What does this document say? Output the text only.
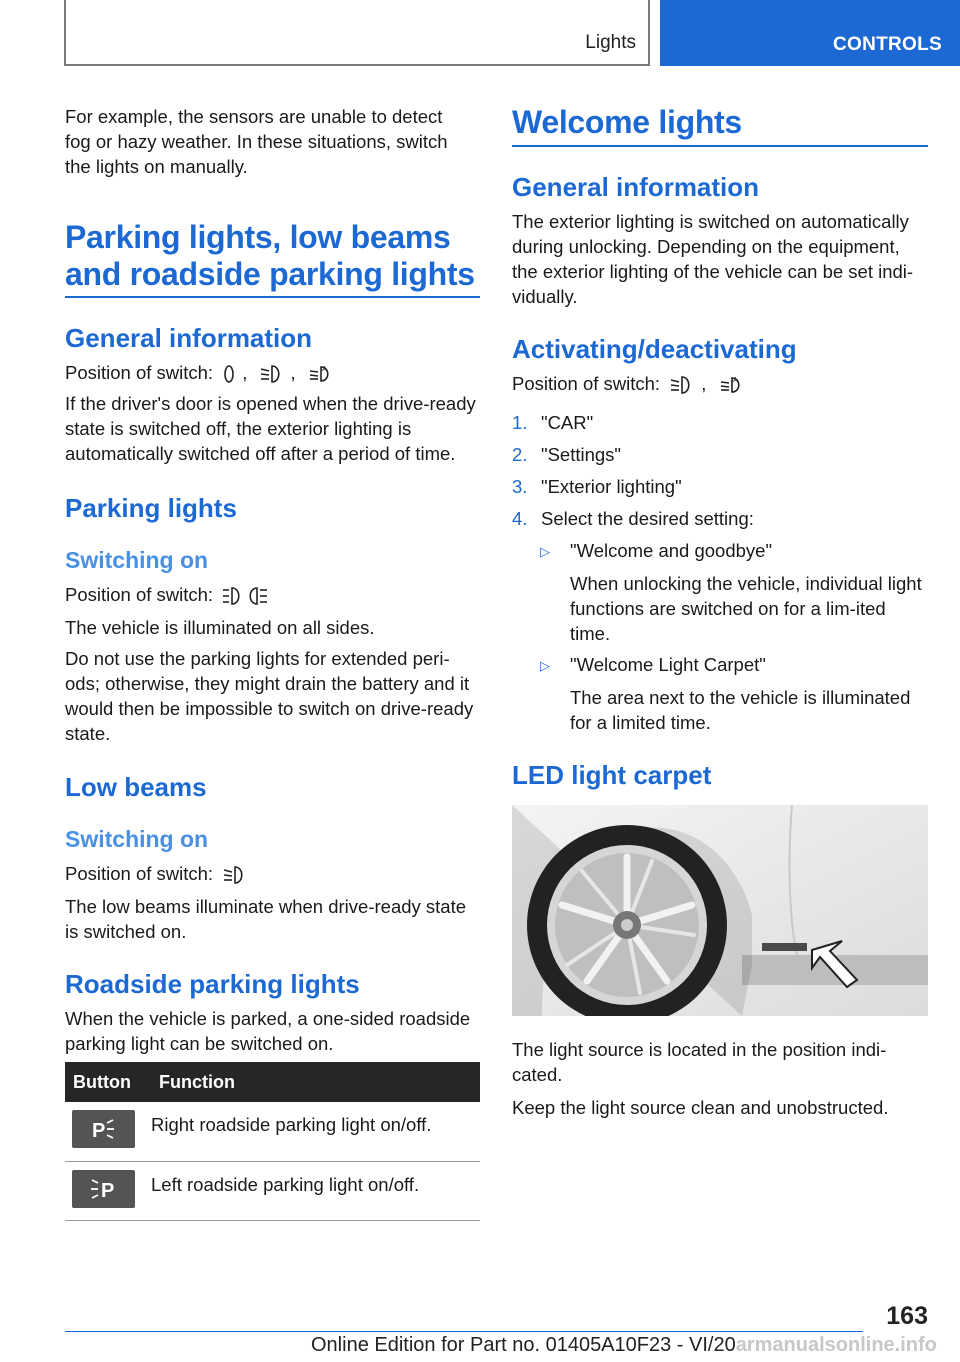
Lights	CONTROLS

For example, the sensors are unable to detect fog or hazy weather. In these situations, switch the lights on manually.

Parking lights, low beams
and roadside parking lights
General information
Position of switch: , ,	A

If the driver's door is opened when the drive-ready state is switched off, the exterior lighting is automatically switched off after a period of time.

Parking lights
Switching on
Position of switch:

The vehicle is illuminated on all sides.

Do not use the parking lights for extended peri-ods; otherwise, they might drain the battery and it would then be impossible to switch on drive-ready state.

Low beams
Switching on
Position of switch:

The low beams illuminate when drive-ready state is switched on.

Roadside parking lights

When the vehicle is parked, a one-sided roadside parking light can be switched on.

Button	Function

P	Right roadside parking light on/off.

P	Left roadside parking light on/off.
Welcome lights
General information

The exterior lighting is switched on automatically during unlocking. Depending on the equipment, the exterior lighting of the vehicle can be set indi-vidually.

Activating/deactivating
Position of switch: ,	A
1. "CAR"
2. "Settings"
3. "Exterior lighting"
4. Select the desired setting:
▷ "Welcome and goodbye"

When unlocking the vehicle, individual light functions are switched on for a lim-ited time.

▷ "Welcome Light Carpet"

The area next to the vehicle is illuminated for a limited time.

LED light carpet

The light source is located in the position indi-cated.

Keep the light source clean and unobstructed.

163
Online Edition for Part no. 01405A10F23 - VI/20armanualsonline.info
